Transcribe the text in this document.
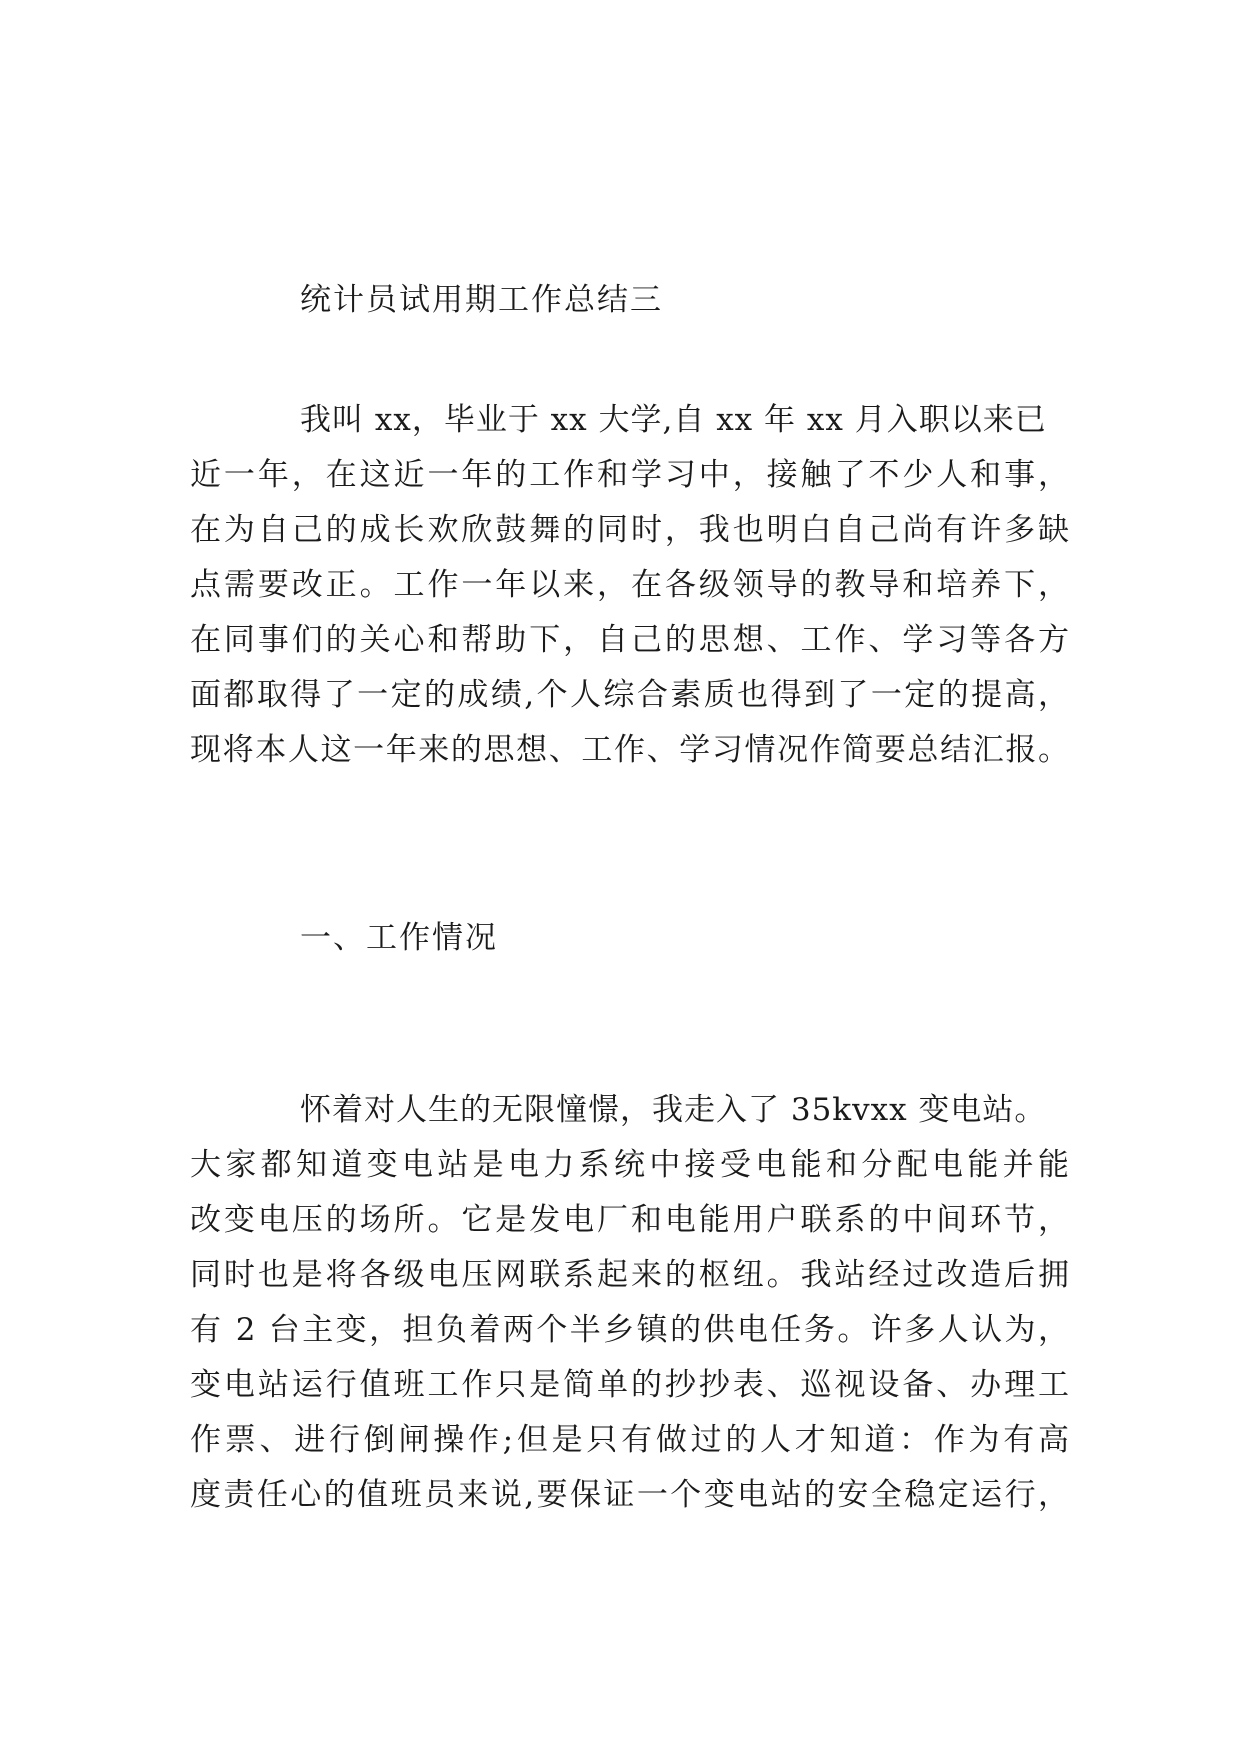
统计员试用期工作总结三
我叫 xx，毕业于 xx 大学,自 xx 年 xx 月入职以来已
近一年，在这近一年的工作和学习中，接触了不少人和事，
在为自己的成长欢欣鼓舞的同时，我也明白自己尚有许多缺
点需要改正。工作一年以来，在各级领导的教导和培养下，
在同事们的关心和帮助下，自己的思想、工作、学习等各方
面都取得了一定的成绩,个人综合素质也得到了一定的提高，
现将本人这一年来的思想、工作、学习情况作简要总结汇报。
一、工作情况
怀着对人生的无限憧憬，我走入了 35kvxx 变电站。
大家都知道变电站是电力系统中接受电能和分配电能并能
改变电压的场所。它是发电厂和电能用户联系的中间环节，
同时也是将各级电压网联系起来的枢纽。我站经过改造后拥
有 2 台主变，担负着两个半乡镇的供电任务。许多人认为，
变电站运行值班工作只是简单的抄抄表、巡视设备、办理工
作票、进行倒闸操作;但是只有做过的人才知道：作为有高
度责任心的值班员来说,要保证一个变电站的安全稳定运行，
